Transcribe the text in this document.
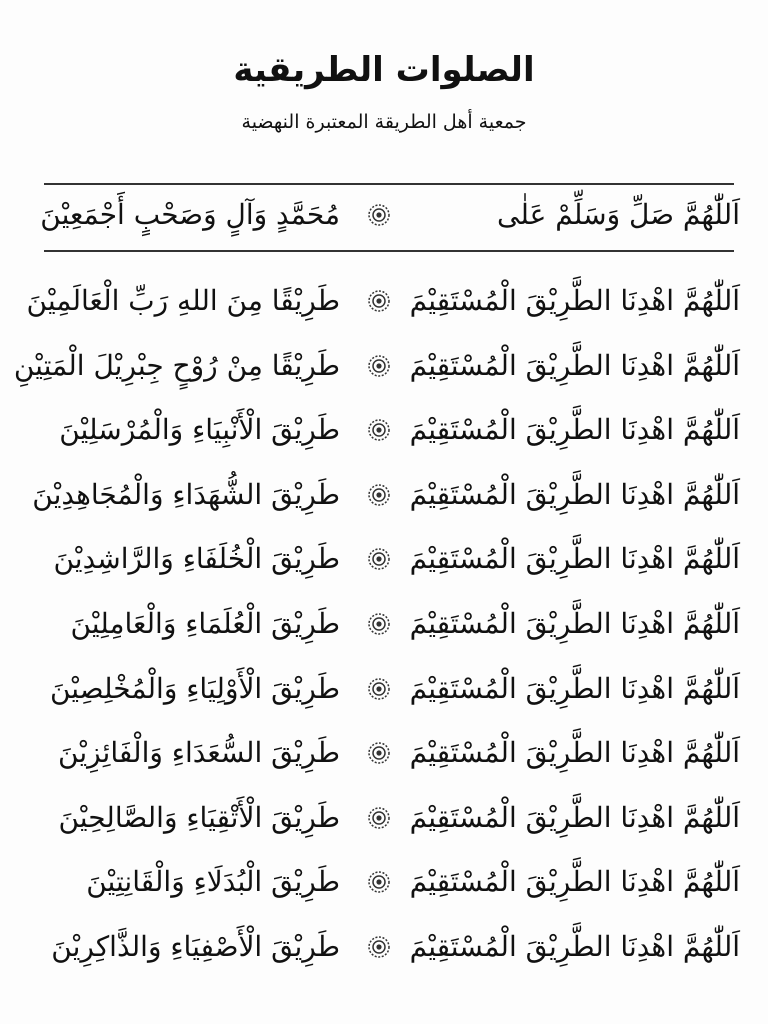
الصلوات الطريقية
جمعية أهل الطريقة المعتبرة النهضية
اَللّٰهُمَّ صَلِّ وَسَلِّمْ عَلٰى
مُحَمَّدٍ وَآلٍ وَصَحْبٍ أَجْمَعِيْنَ
اَللّٰهُمَّ اهْدِنَا الطَّرِيْقَ الْمُسْتَقِيْمَ
طَرِيْقًا مِنَ اللهِ رَبِّ الْعَالَمِيْنَ
اَللّٰهُمَّ اهْدِنَا الطَّرِيْقَ الْمُسْتَقِيْمَ
طَرِيْقًا مِنْ رُوْحٍ جِبْرِيْلَ الْمَتِيْنِ
اَللّٰهُمَّ اهْدِنَا الطَّرِيْقَ الْمُسْتَقِيْمَ
طَرِيْقَ الْأَنْبِيَاءِ وَالْمُرْسَلِيْنَ
اَللّٰهُمَّ اهْدِنَا الطَّرِيْقَ الْمُسْتَقِيْمَ
طَرِيْقَ الشُّهَدَاءِ وَالْمُجَاهِدِيْنَ
اَللّٰهُمَّ اهْدِنَا الطَّرِيْقَ الْمُسْتَقِيْمَ
طَرِيْقَ الْخُلَفَاءِ وَالرَّاشِدِيْنَ
اَللّٰهُمَّ اهْدِنَا الطَّرِيْقَ الْمُسْتَقِيْمَ
طَرِيْقَ الْعُلَمَاءِ وَالْعَامِلِيْنَ
اَللّٰهُمَّ اهْدِنَا الطَّرِيْقَ الْمُسْتَقِيْمَ
طَرِيْقَ الْأَوْلِيَاءِ وَالْمُخْلِصِيْنَ
اَللّٰهُمَّ اهْدِنَا الطَّرِيْقَ الْمُسْتَقِيْمَ
طَرِيْقَ السُّعَدَاءِ وَالْفَائِزِيْنَ
اَللّٰهُمَّ اهْدِنَا الطَّرِيْقَ الْمُسْتَقِيْمَ
طَرِيْقَ الْأَتْقِيَاءِ وَالصَّالِحِيْنَ
اَللّٰهُمَّ اهْدِنَا الطَّرِيْقَ الْمُسْتَقِيْمَ
طَرِيْقَ الْبُدَلَاءِ وَالْقَانِتِيْنَ
اَللّٰهُمَّ اهْدِنَا الطَّرِيْقَ الْمُسْتَقِيْمَ
طَرِيْقَ الْأَصْفِيَاءِ وَالذَّاكِرِيْنَ
